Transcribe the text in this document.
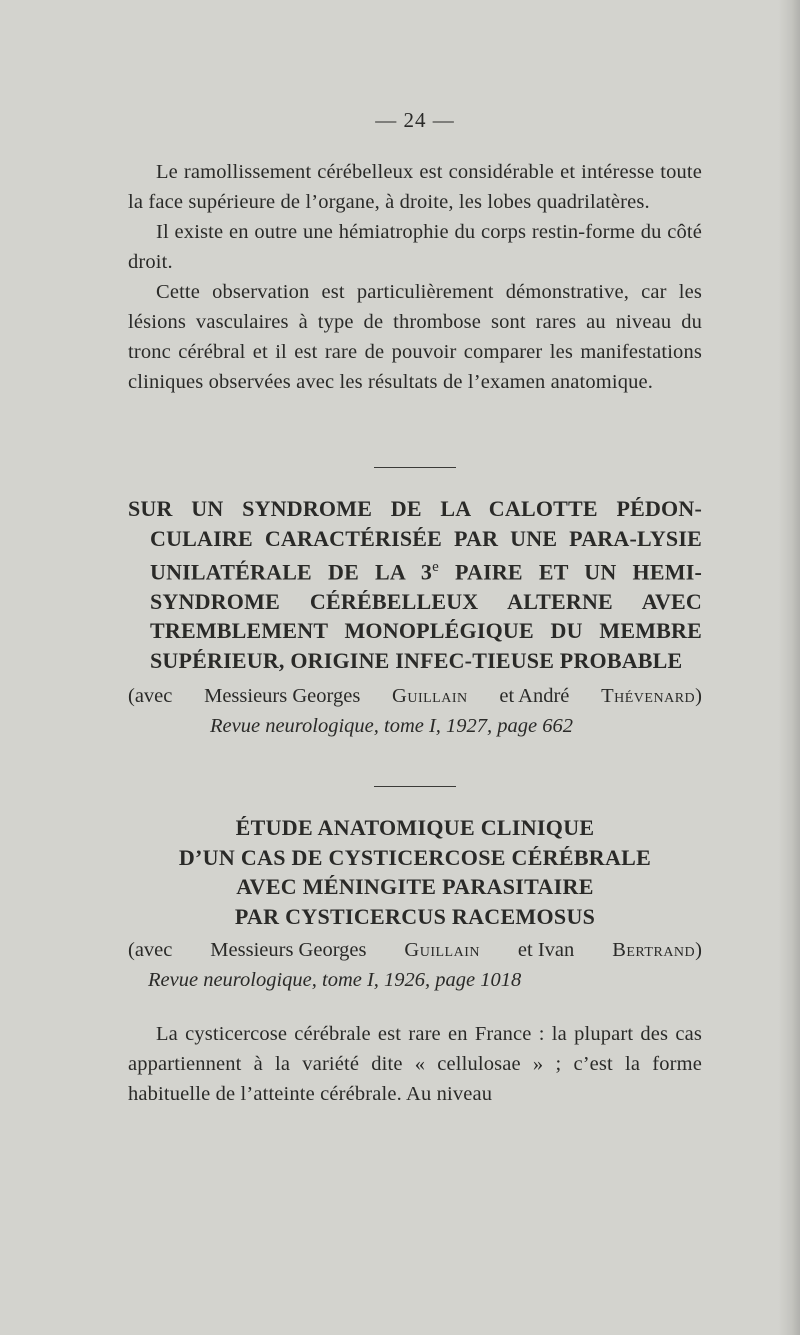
— 24 —

Le ramollissement cérébelleux est considérable et intéresse toute la face supérieure de l’organe, à droite, les lobes quadrilatères.

Il existe en outre une hémiatrophie du corps restin-forme du côté droit.

Cette observation est particulièrement démonstrative, car les lésions vasculaires à type de thrombose sont rares au niveau du tronc cérébral et il est rare de pouvoir comparer les manifestations cliniques observées avec les résultats de l’examen anatomique.

SUR UN SYNDROME DE LA CALOTTE PÉDON-CULAIRE CARACTÉRISÉE PAR UNE PARA-LYSIE UNILATÉRALE DE LA 3e PAIRE ET UN HEMI-SYNDROME CÉRÉBELLEUX ALTERNE AVEC TREMBLEMENT MONOPLÉGIQUE DU MEMBRE SUPÉRIEUR, ORIGINE INFEC-TIEUSE PROBABLE

(avec Messieurs Georges Guillain et André Thévenard)

Revue neurologique, tome I, 1927, page 662

ÉTUDE ANATOMIQUE CLINIQUE

D’UN CAS DE CYSTICERCOSE CÉRÉBRALE

AVEC MÉNINGITE PARASITAIRE

PAR CYSTICERCUS RACEMOSUS

(avec Messieurs Georges Guillain et Ivan Bertrand)

Revue neurologique, tome I, 1926, page 1018

La cysticercose cérébrale est rare en France : la plupart des cas appartiennent à la variété dite « cellulosae » ; c’est la forme habituelle de l’atteinte cérébrale. Au niveau
